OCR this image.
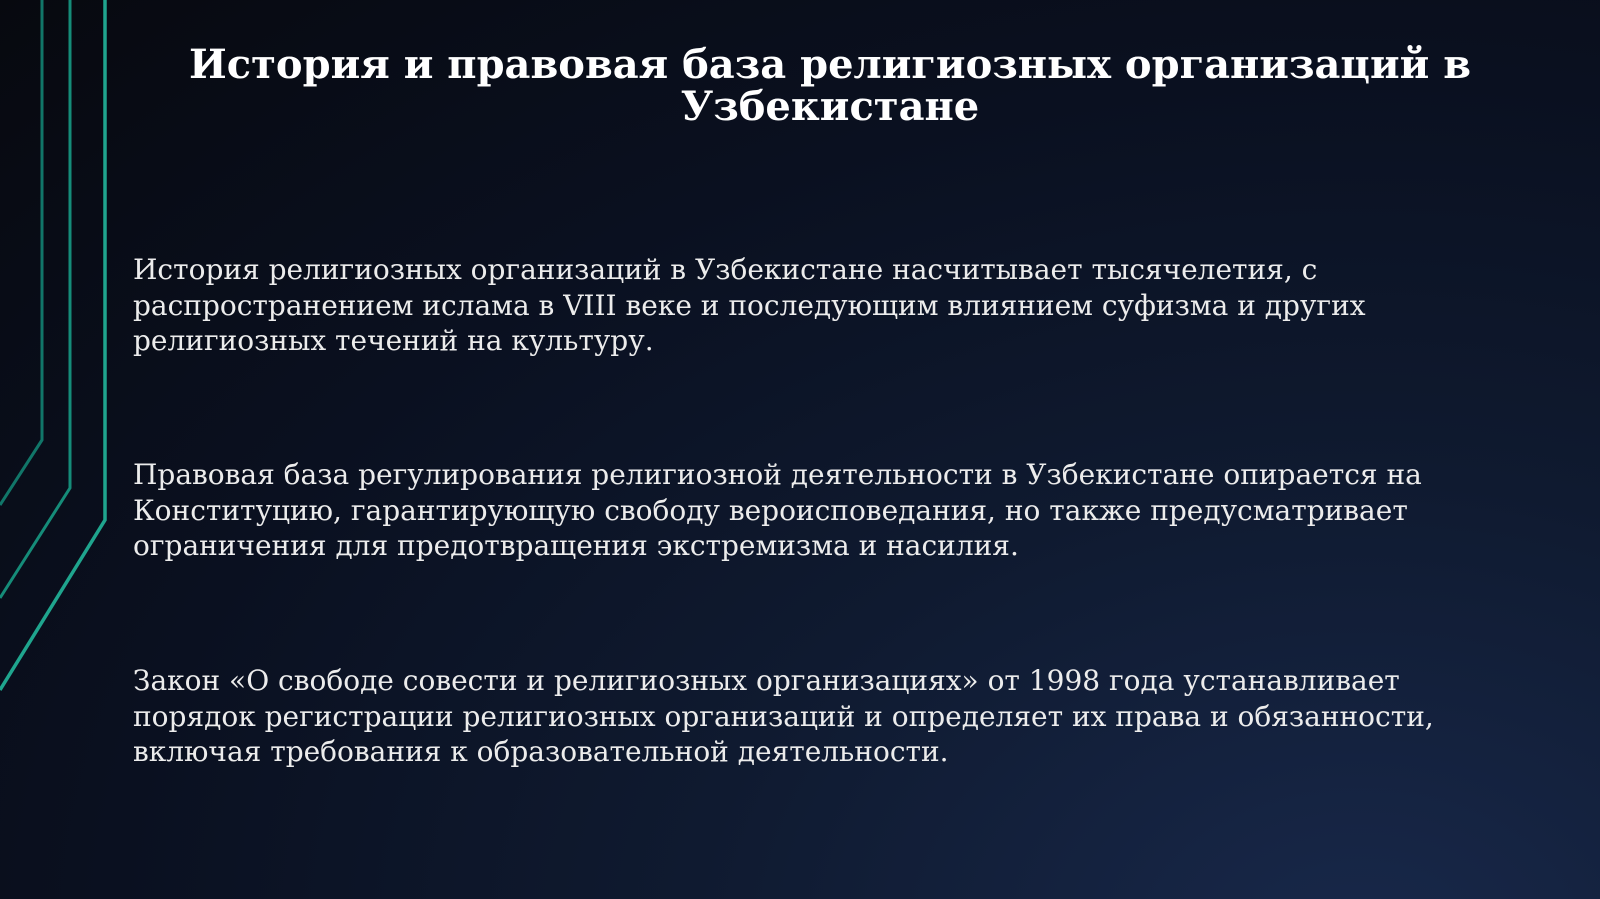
История и правовая база религиозных организаций в Узбекистане

История религиозных организаций в Узбекистане насчитывает тысячелетия, с распространением ислама в VIII веке и последующим влиянием суфизма и других религиозных течений на культуру.

Правовая база регулирования религиозной деятельности в Узбекистане опирается на Конституцию, гарантирующую свободу вероисповедания, но также предусматривает ограничения для предотвращения экстремизма и насилия.

Закон «О свободе совести и религиозных организациях» от 1998 года устанавливает порядок регистрации религиозных организаций и определяет их права и обязанности, включая требования к образовательной деятельности.
